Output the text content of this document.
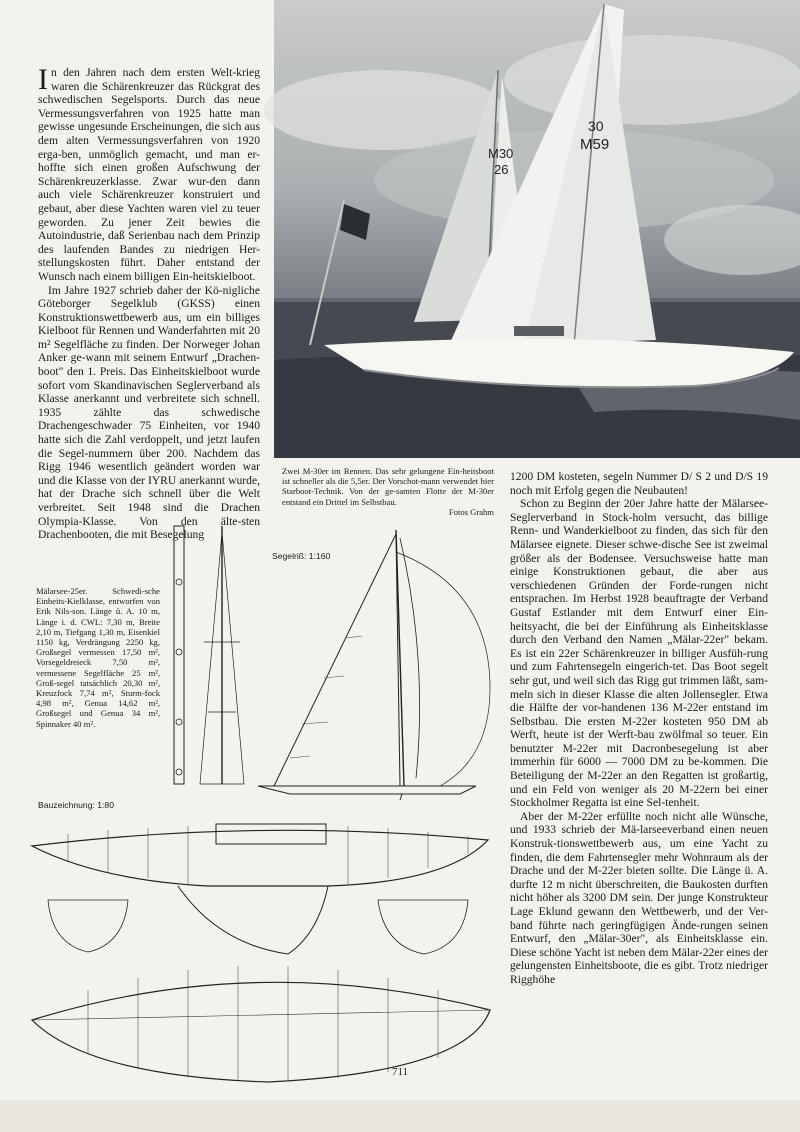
In den Jahren nach dem ersten Welt-krieg waren die Schärenkreuzer das Rückgrat des schwedischen Segelsports. Durch das neue Vermessungsverfahren von 1925 hatte man gewisse ungesunde Erscheinungen, die sich aus dem alten Vermessungsverfahren von 1920 erga-ben, unmöglich gemacht, und man er-hoffte sich einen großen Aufschwung der Schärenkreuzerklasse. Zwar wur-den dann auch viele Schärenkreuzer konstruiert und gebaut, aber diese Yachten waren viel zu teuer geworden. Zu jener Zeit bewies die Autoindustrie, daß Serienbau nach dem Prinzip des laufenden Bandes zu niedrigen Her-stellungskosten führt. Daher entstand der Wunsch nach einem billigen Ein-heitskielboot.

Im Jahre 1927 schrieb daher der Kö-nigliche Göteborger Segelklub (GKSS) einen Konstruktionswettbewerb aus, um ein billiges Kielboot für Rennen und Wanderfahrten mit 20 m² Segelfläche zu finden. Der Norweger Johan Anker ge-wann mit seinem Entwurf „Drachen-boot" den 1. Preis. Das Einheitskielboot wurde sofort vom Skandinavischen Seglerverband als Klasse anerkannt und verbreitete sich schnell. 1935 zählte das schwedische Drachengeschwader 75 Einheiten, vor 1940 hatte sich die Zahl verdoppelt, und jetzt laufen die Segel-nummern über 200. Nachdem das Rigg 1946 wesentlich geändert worden war und die Klasse von der IYRU anerkannt wurde, hat der Drache sich schnell über die Welt verbreitet. Seit 1948 sind die Drachen Olympia-Klasse. Von den älte-sten Drachenbooten, die mit Besegelung

M30
26
30
M59
Zwei M-30er im Rennen. Das sehr gelungene Ein-heitsboot ist schneller als die 5,5er. Der Vorschot-mann verwendet hier Starboot-Technik. Von der ge-samten Flotte der M-30er entstand ein Drittel im Selbstbau.
Fotos Grahm

1200 DM kosteten, segeln Nummer D/ S 2 und D/S 19 noch mit Erfolg gegen die Neubauten!

Schon zu Beginn der 20er Jahre hatte der Mälarsee-Seglerverband in Stock-holm versucht, das billige Renn- und Wanderkielboot zu finden, das sich für den Mälarsee eignete. Dieser schwe-dische See ist zweimal größer als der Bodensee. Versuchsweise hatte man einige Konstruktionen gebaut, die aber aus verschiedenen Gründen der Forde-rungen nicht entsprachen. Im Herbst 1928 beauftragte der Verband Gustaf Estlander mit dem Entwurf einer Ein-heitsyacht, die bei der Einführung als Einheitsklasse durch den Verband den Namen „Mälar-22er" bekam. Es ist ein 22er Schärenkreuzer in billiger Ausfüh-rung und zum Fahrtensegeln eingerich-tet. Das Boot segelt sehr gut, und weil sich das Rigg gut trimmen läßt, sam-meln sich in dieser Klasse die alten Jollensegler. Etwa die Hälfte der vor-handenen 136 M-22er entstand im Selbstbau. Die ersten M-22er kosteten 950 DM ab Werft, heute ist der Werft-bau zwölfmal so teuer. Ein benutzter M-22er mit Dacronbesegelung ist aber immerhin für 6000 — 7000 DM zu be-kommen. Die Beteiligung der M-22er an den Regatten ist großartig, und ein Feld von weniger als 20 M-22ern bei einer Stockholmer Regatta ist eine Sel-tenheit.

Aber der M-22er erfüllte noch nicht alle Wünsche, und 1933 schrieb der Mä-larseeverband einen neuen Konstruk-tionswettbewerb aus, um eine Yacht zu finden, die dem Fahrtensegler mehr Wohnraum als der Drache und der M-22er bieten sollte. Die Länge ü. A. durfte 12 m nicht überschreiten, die Baukosten durften nicht höher als 3200 DM sein. Der junge Konstrukteur Lage Eklund gewann den Wettbewerb, und der Ver-band führte nach geringfügigen Ände-rungen seinen Entwurf, den „Mälar-30er", als Einheitsklasse ein. Diese schöne Yacht ist neben dem Mälar-22er eines der gelungensten Einheitsboote, die es gibt. Trotz niedriger Rigghöhe

Mälarsee-25er. Schwedi-sche Einheits-Kielklasse, entworfen von Erik Nils-son. Länge ü. A. 10 m, Länge i. d. CWL: 7,30 m, Breite 2,10 m, Tiefgang 1,30 m, Eisenkiel 1150 kg, Verdrängung 2250 kg, Großsegel vermessen 17,50 m², Vorsegeldreieck 7,50 m², vermessene Segelfläche 25 m², Groß-segel tatsächlich 20,30 m², Kreuzfock 7,74 m², Sturm-fock 4,98 m², Genua 14,62 m², Großsegel und Genua 34 m², Spinnaker 40 m².
Segelriß: 1:160
Bauzeichnung: 1:80
711
